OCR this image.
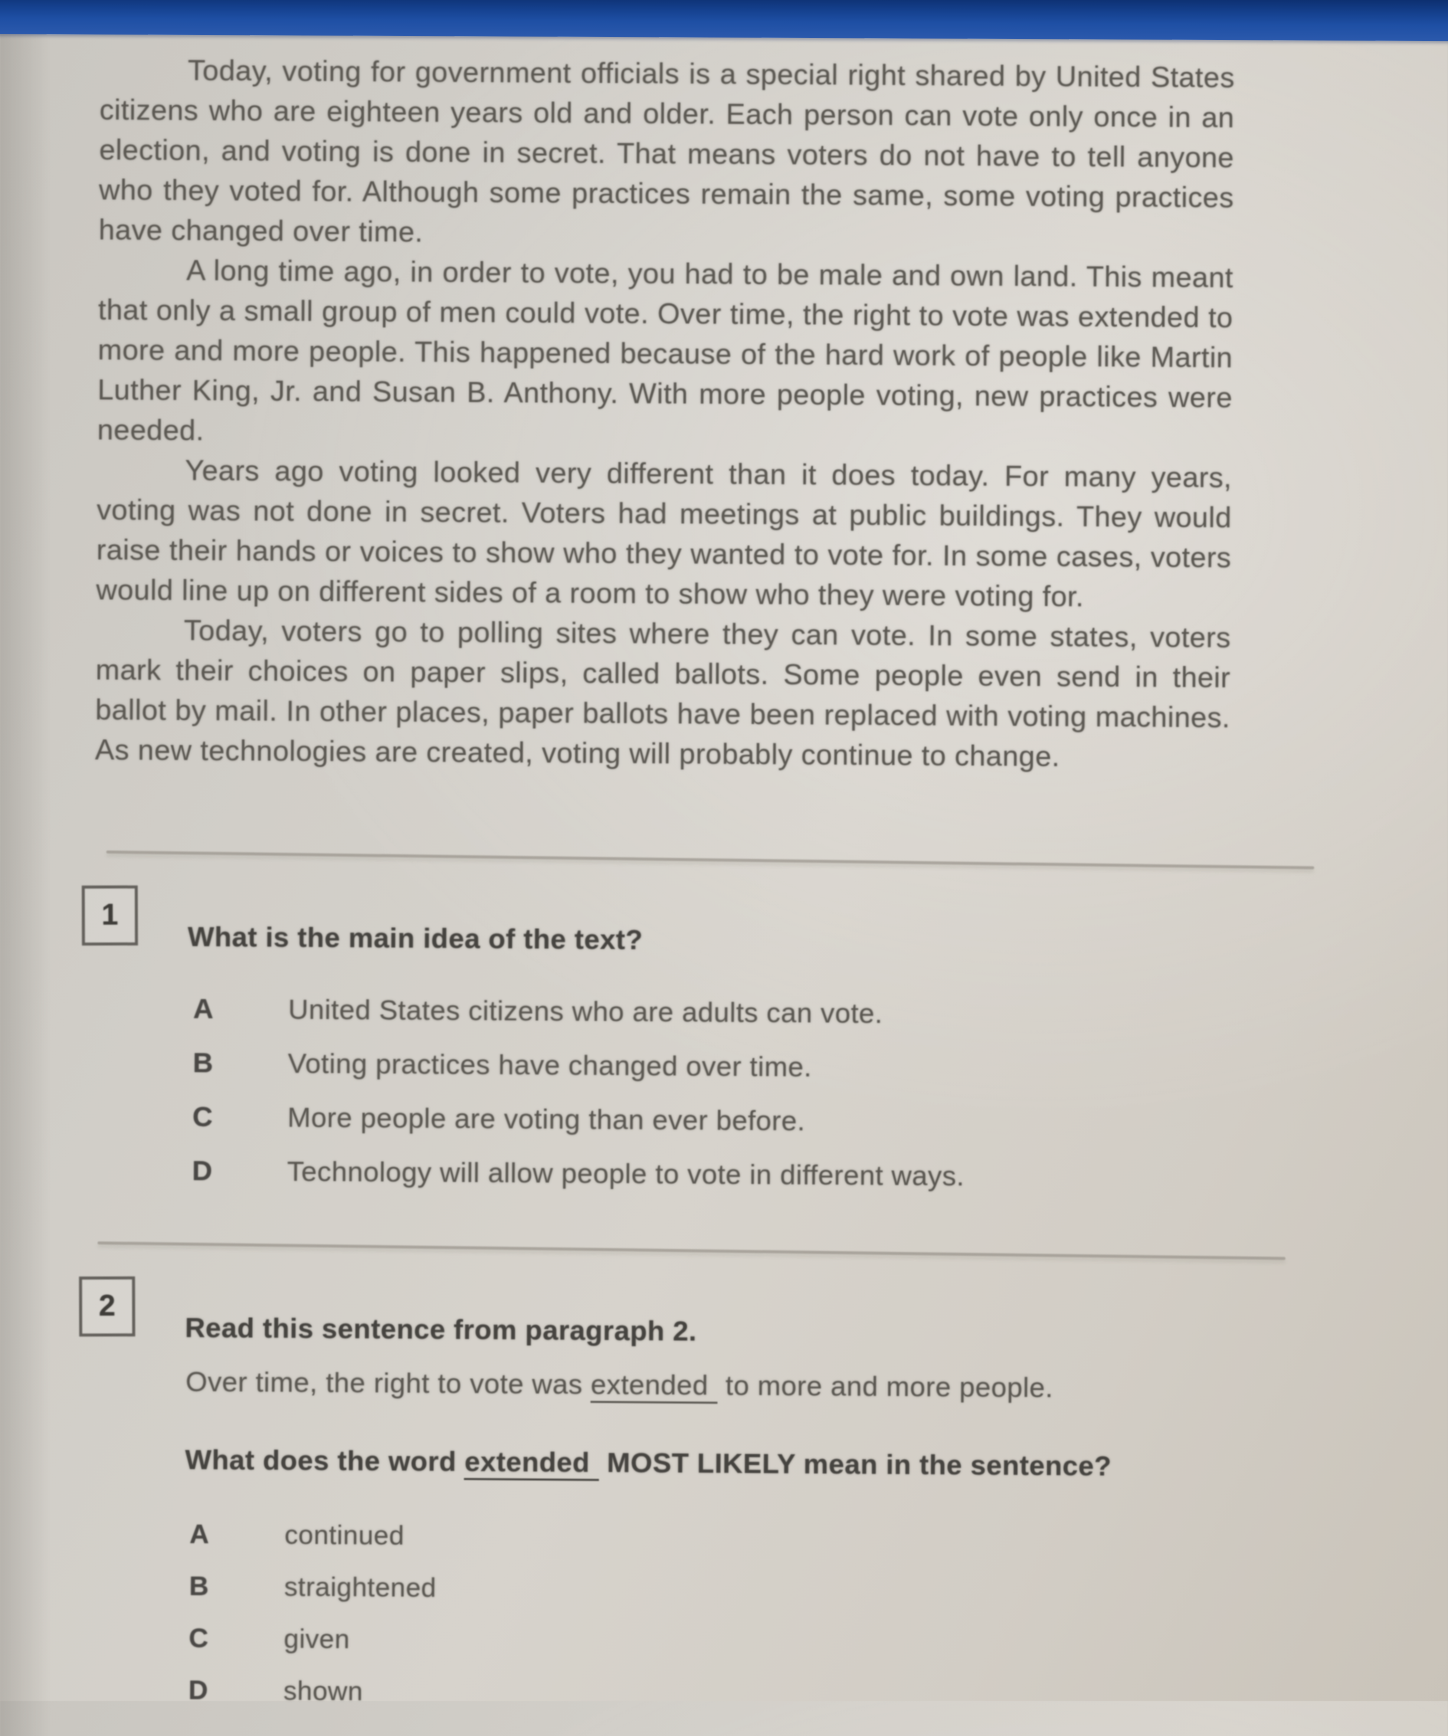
Today, voting for government officials is a special right shared by United States citizens who are eighteen years old and older. Each person can vote only once in an election, and voting is done in secret. That means voters do not have to tell anyone who they voted for. Although some practices remain the same, some voting practices have changed over time.

A long time ago, in order to vote, you had to be male and own land. This meant that only a small group of men could vote. Over time, the right to vote was extended to more and more people. This happened because of the hard work of people like Martin Luther King, Jr. and Susan B. Anthony. With more people voting, new practices were needed.

Years ago voting looked very different than it does today. For many years, voting was not done in secret. Voters had meetings at public buildings. They would raise their hands or voices to show who they wanted to vote for. In some cases, voters would line up on different sides of a room to show who they were voting for.

Today, voters go to polling sites where they can vote. In some states, voters mark their choices on paper slips, called ballots. Some people even send in their ballot by mail. In other places, paper ballots have been replaced with voting machines. As new technologies are created, voting will probably continue to change.

1
What is the main idea of the text?
A	United States citizens who are adults can vote.
B	Voting practices have changed over time.
C	More people are voting than ever before.
D	Technology will allow people to vote in different ways.
2
Read this sentence from paragraph 2.
Over time, the right to vote was extended to more and more people.
What does the word extended MOST LIKELY mean in the sentence?
A	continued
B	straightened
C	given
D	shown
